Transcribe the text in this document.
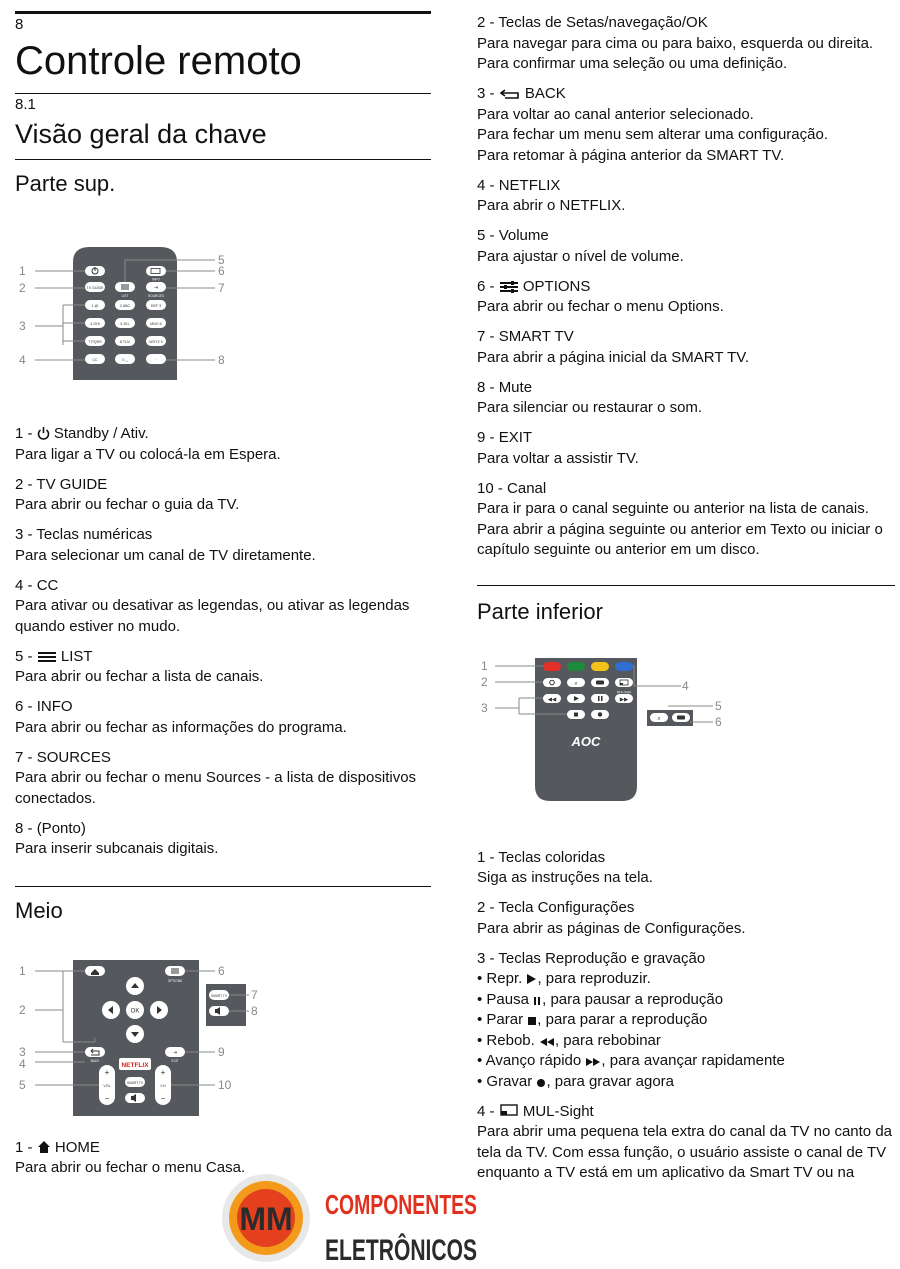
8
Controle remoto
8.1
Visão geral da chave
Parte sup.
TV GUIDE	⇥
LIST
INFO
SOURCES
1.@	2 ABC	DEF 3
4 GHI	5 JKL	MNO 6
7 PQRS	8 TUV	WXYZ 9
CC	0 ␣	·
1
2
3
4
5
6
7
8
1 -  Standby / Ativ.
Para ligar a TV ou colocá-la em Espera.
2 - TV GUIDE
Para abrir ou fechar o guia da TV.
3 - Teclas numéricas
Para selecionar um canal de TV diretamente.
4 - CC
Para ativar ou desativar as legendas, ou ativar as legendas quando estiver no mudo.
5 -  LIST
Para abrir ou fechar a lista de canais.
6 - INFO
Para abrir ou fechar as informações do programa.
7 - SOURCES
Para abrir ou fechar o menu Sources - a lista de dispositivos conectados.
8 - (Ponto)
Para inserir subcanais digitais.
Meio
OPTIONS
OK
BACK
⇥
EXIT
NETFLIX
+
VOL
−
+
CH
−
SMART TV
SMART TV
1
2
3
4
5
6
7
8
9
10
1 -  HOME
Para abrir ou fechar o menu Casa.
2 - Teclas de Setas/navegação/OK
Para navegar para cima ou para baixo, esquerda ou direita. Para confirmar uma seleção ou uma definição.
3 -  BACK
Para voltar ao canal anterior selecionado.
Para fechar um menu sem alterar uma configuração.
Para retomar à página anterior da SMART TV.
4 - NETFLIX
Para abrir o NETFLIX.
5 - Volume
Para ajustar o nível de volume.
6 -  OPTIONS
Para abrir ou fechar o menu Options.
7 - SMART TV
Para abrir a página inicial da SMART TV.
8 - Mute
Para silenciar ou restaurar o som.
9 - EXIT
Para voltar a assistir TV.
10 - Canal
Para ir para o canal seguinte ou anterior na lista de canais.
Para abrir a página seguinte ou anterior em Texto ou iniciar o capítulo seguinte ou anterior em um disco.
Parte inferior
⌕
MUL-Sight
◀◀	▶▶
AOC
⌕
1
2
3
4
5
6
1 - Teclas coloridas
Siga as instruções na tela.
2 - Tecla Configurações
Para abrir as páginas de Configurações.
3 - Teclas Reprodução e gravação
• Repr. , para reproduzir.
• Pausa , para pausar a reprodução
• Parar , para parar a reprodução
• Rebob. , para rebobinar
• Avanço rápido , para avançar rapidamente
• Gravar , para gravar agora
4 -  MUL-Sight
Para abrir uma pequena tela extra do canal da TV no canto da tela da TV. Com essa função, o usuário assiste o canal de TV enquanto a TV está em um aplicativo da Smart TV ou na
MM COMPONENTES
ELETRÔNICOS
